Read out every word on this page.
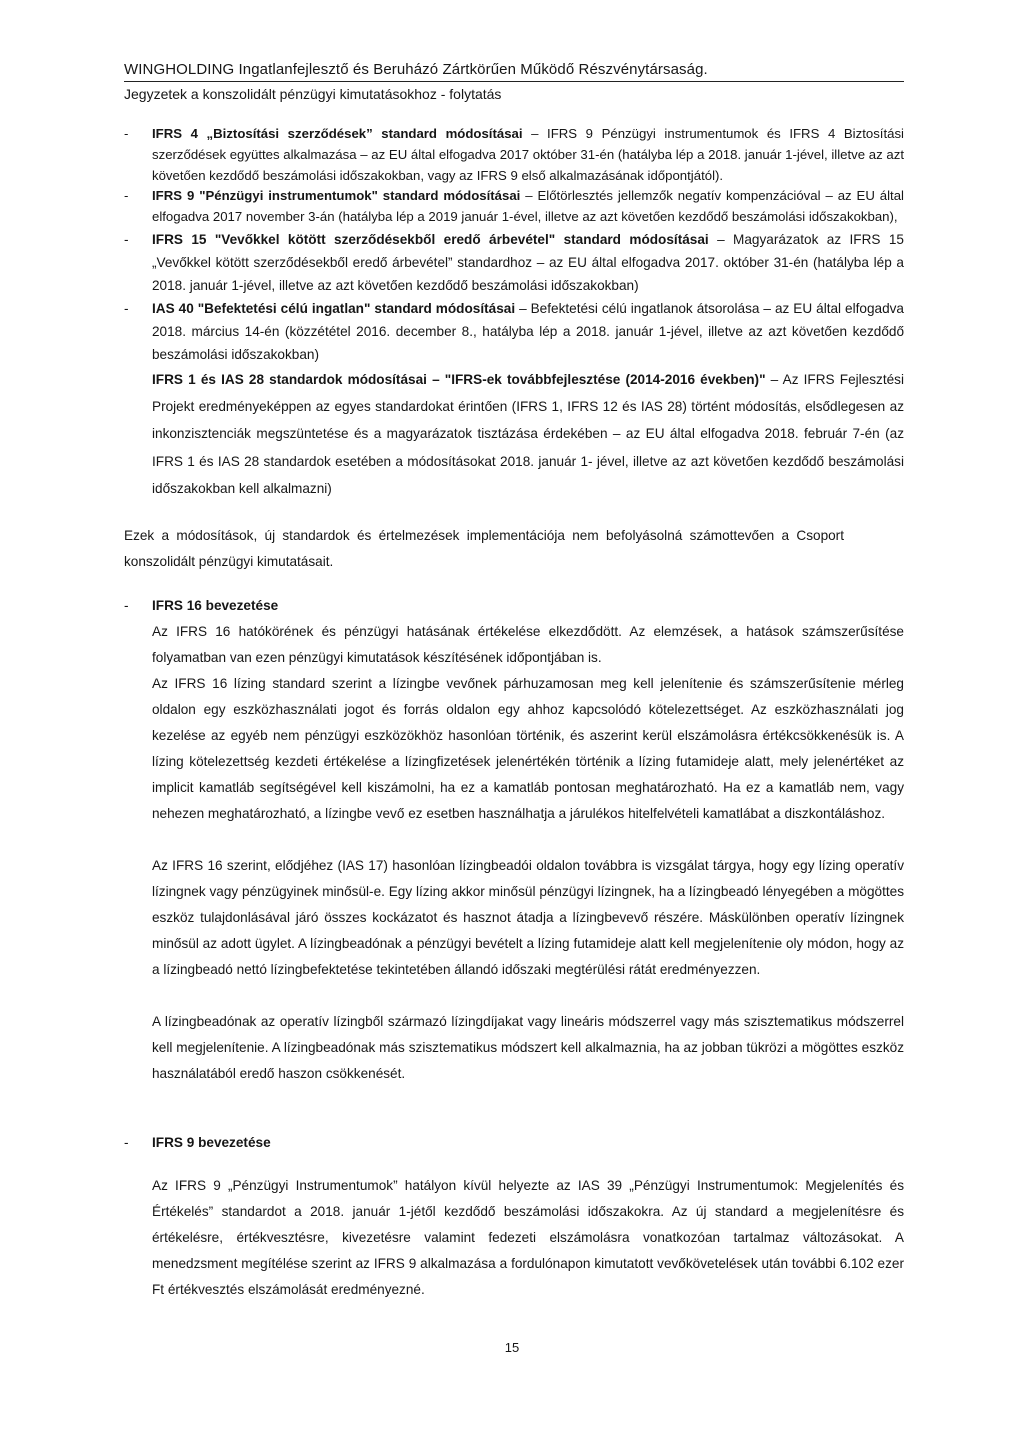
WINGHOLDING Ingatlanfejlesztő és Beruházó Zártkörűen Működő Részvénytársaság.
Jegyzetek a konszolidált pénzügyi kimutatásokhoz - folytatás
- IFRS 4 „Biztosítási szerződések” standard módosításai – IFRS 9 Pénzügyi instrumentumok és IFRS 4 Biztosítási szerződések együttes alkalmazása – az EU által elfogadva 2017 október 31-én (hatályba lép a 2018. január 1-jével, illetve az azt követően kezdődő beszámolási időszakokban, vagy az IFRS 9 első alkalmazásának időpontjától).
- IFRS 9 "Pénzügyi instrumentumok" standard módosításai – Előtörlesztés jellemzők negatív kompenzációval – az EU által elfogadva 2017 november 3-án (hatályba lép a 2019 január 1-ével, illetve az azt követően kezdődő beszámolási időszakokban),
- IFRS 15 "Vevőkkel kötött szerződésekből eredő árbevétel" standard módosításai – Magyarázatok az IFRS 15 „Vevőkkel kötött szerződésekből eredő árbevétel” standardhoz – az EU által elfogadva 2017. október 31-én (hatályba lép a 2018. január 1-jével, illetve az azt követően kezdődő beszámolási időszakokban)
- IAS 40 "Befektetési célú ingatlan" standard módosításai – Befektetési célú ingatlanok átsorolása – az EU által elfogadva 2018. március 14-én (közzététel 2016. december 8., hatályba lép a 2018. január 1-jével, illetve az azt követően kezdődő beszámolási időszakokban)
IFRS 1 és IAS 28 standardok módosításai – "IFRS-ek továbbfejlesztése (2014-2016 években)" – Az IFRS Fejlesztési Projekt eredményeképpen az egyes standardokat érintően (IFRS 1, IFRS 12 és IAS 28) történt módosítás, elsődlegesen az inkonzisztenciák megszüntetése és a magyarázatok tisztázása érdekében – az EU által elfogadva 2018. február 7-én (az IFRS 1 és IAS 28 standardok esetében a módosításokat 2018. január 1- jével, illetve az azt követően kezdődő beszámolási időszakokban kell alkalmazni)
Ezek a módosítások, új standardok és értelmezések implementációja nem befolyásolná számottevően a Csoport konszolidált pénzügyi kimutatásait.
- IFRS 16 bevezetése
Az IFRS 16 hatókörének és pénzügyi hatásának értékelése elkezdődött. Az elemzések, a hatások számszerűsítése folyamatban van ezen pénzügyi kimutatások készítésének időpontjában is.
Az IFRS 16 lízing standard szerint a lízingbe vevőnek párhuzamosan meg kell jelenítenie és számszerűsítenie mérleg oldalon egy eszközhasználati jogot és forrás oldalon egy ahhoz kapcsolódó kötelezettséget. Az eszközhasználati jog kezelése az egyéb nem pénzügyi eszközökhöz hasonlóan történik, és aszerint kerül elszámolásra értékcsökkenésük is. A lízing kötelezettség kezdeti értékelése a lízingfizetések jelenértékén történik a lízing futamideje alatt, mely jelenértéket az implicit kamatláb segítségével kell kiszámolni, ha ez a kamatláb pontosan meghatározható. Ha ez a kamatláb nem, vagy nehezen meghatározható, a lízingbe vevő ez esetben használhatja a járulékos hitelfelvételi kamatlábat a diszkontáláshoz.
Az IFRS 16 szerint, elődjéhez (IAS 17) hasonlóan lízingbeadói oldalon továbbra is vizsgálat tárgya, hogy egy lízing operatív lízingnek vagy pénzügyinek minősül-e. Egy lízing akkor minősül pénzügyi lízingnek, ha a lízingbeadó lényegében a mögöttes eszköz tulajdonlásával járó összes kockázatot és hasznot átadja a lízingbevevő részére. Máskülönben operatív lízingnek minősül az adott ügylet. A lízingbeadónak a pénzügyi bevételt a lízing futamideje alatt kell megjelenítenie oly módon, hogy az a lízingbeadó nettó lízingbefektetése tekintetében állandó időszaki megtérülési rátát eredményezzen.
A lízingbeadónak az operatív lízingből származó lízingdíjakat vagy lineáris módszerrel vagy más szisztematikus módszerrel kell megjelenítenie. A lízingbeadónak más szisztematikus módszert kell alkalmaznia, ha az jobban tükrözi a mögöttes eszköz használatából eredő haszon csökkenését.
- IFRS 9 bevezetése
Az IFRS 9 „Pénzügyi Instrumentumok” hatályon kívül helyezte az IAS 39 „Pénzügyi Instrumentumok: Megjelenítés és Értékelés” standardot a 2018. január 1-jétől kezdődő beszámolási időszakokra. Az új standard a megjelenítésre és értékelésre, értékvesztésre, kivezetésre valamint fedezeti elszámolásra vonatkozóan tartalmaz változásokat. A menedzsment megítélése szerint az IFRS 9 alkalmazása a fordulónapon kimutatott vevőkövetelések után további 6.102 ezer Ft értékvesztés elszámolását eredményezné.
15
